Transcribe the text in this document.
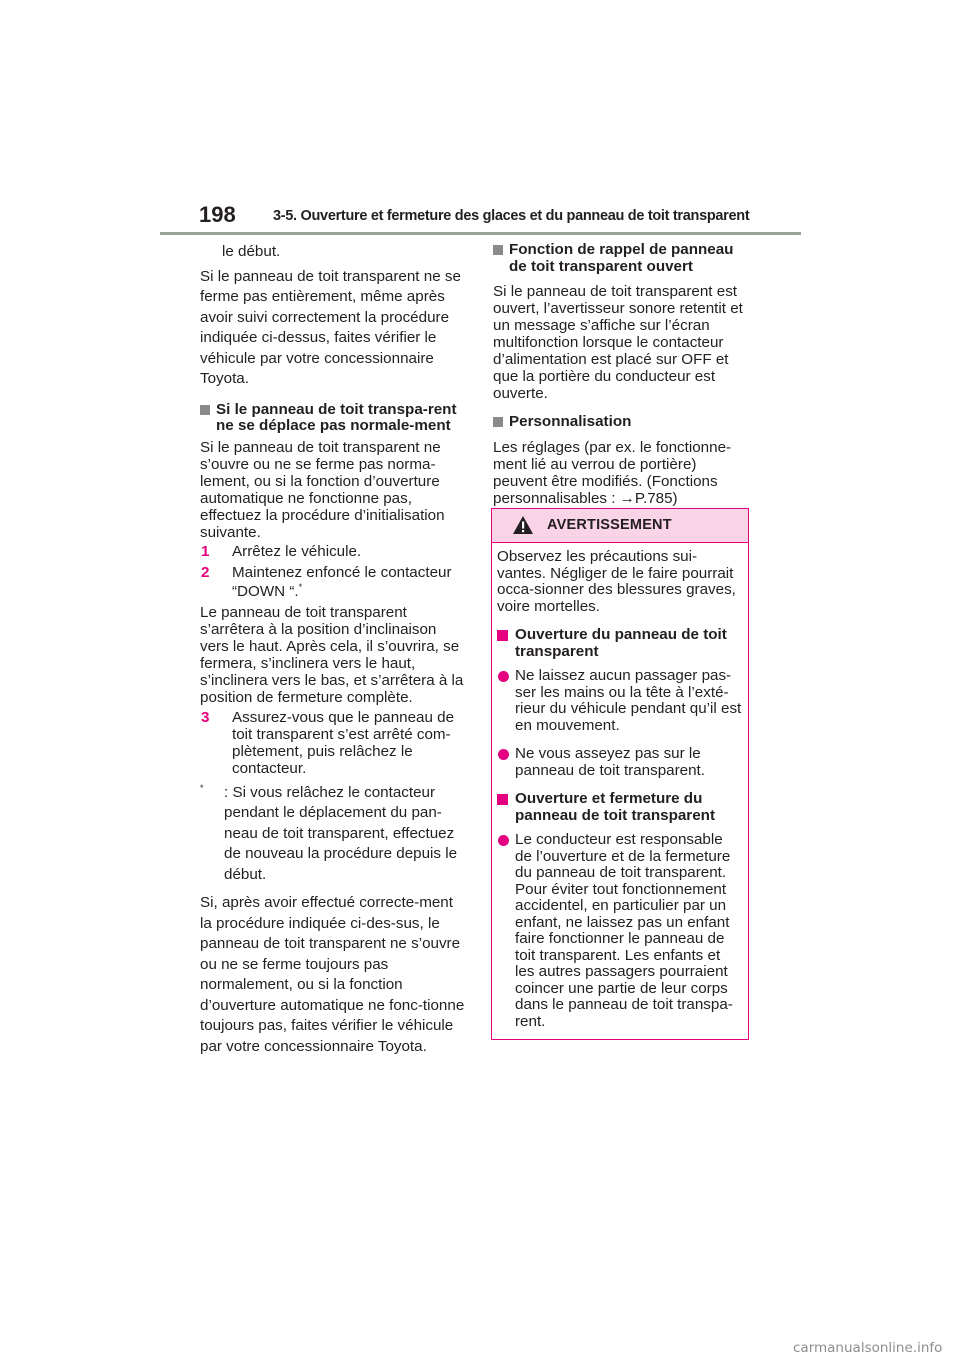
198	3-5. Ouverture et fermeture des glaces et du panneau de toit transparent

le début.

Si le panneau de toit transparent ne se ferme pas entièrement, même après avoir suivi correctement la procédure indiquée ci-dessus, faites vérifier le véhicule par votre concessionnaire Toyota.

Si le panneau de toit transpa-rent ne se déplace pas normale-ment

Si le panneau de toit transparent ne s’ouvre ou ne se ferme pas norma-lement, ou si la fonction d’ouverture automatique ne fonctionne pas, effectuez la procédure d’initialisation suivante.

1	Arrêtez le véhicule.
2	Maintenez enfoncé le contacteur “DOWN “.*

Le panneau de toit transparent s’arrêtera à la position d’inclinaison vers le haut. Après cela, il s’ouvrira, se fermera, s’inclinera vers le haut, s’inclinera vers le bas, et s’arrêtera à la position de fermeture complète.

3	Assurez-vous que le panneau de toit transparent s’est arrêté com-plètement, puis relâchez le contacteur.
* : Si vous relâchez le contacteur pendant le déplacement du pan-neau de toit transparent, effectuez de nouveau la procédure depuis le début.

Si, après avoir effectué correcte-ment la procédure indiquée ci-des-sus, le panneau de toit transparent ne s’ouvre ou ne se ferme toujours pas normalement, ou si la fonction d’ouverture automatique ne fonc-tionne toujours pas, faites vérifier le véhicule par votre concessionnaire Toyota.

Fonction de rappel de panneau de toit transparent ouvert

Si le panneau de toit transparent est ouvert, l’avertisseur sonore retentit et un message s’affiche sur l’écran multifonction lorsque le contacteur d’alimentation est placé sur OFF et que la portière du conducteur est ouverte.

Personnalisation

Les réglages (par ex. le fonctionne-ment lié au verrou de portière) peuvent être modifiés. (Fonctions personnalisables : →P.785)

AVERTISSEMENT

Observez les précautions sui-vantes. Négliger de le faire pourrait occa-sionner des blessures graves, voire mortelles.

Ouverture du panneau de toit transparent
Ne laissez aucun passager pas-ser les mains ou la tête à l’exté-rieur du véhicule pendant qu’il est en mouvement.
Ne vous asseyez pas sur le panneau de toit transparent.
Ouverture et fermeture du panneau de toit transparent
Le conducteur est responsable de l’ouverture et de la fermeture du panneau de toit transparent. Pour éviter tout fonctionnement accidentel, en particulier par un enfant, ne laissez pas un enfant faire fonctionner le panneau de toit transparent. Les enfants et les autres passagers pourraient coincer une partie de leur corps dans le panneau de toit transpa-rent.
carmanualsonline.info
